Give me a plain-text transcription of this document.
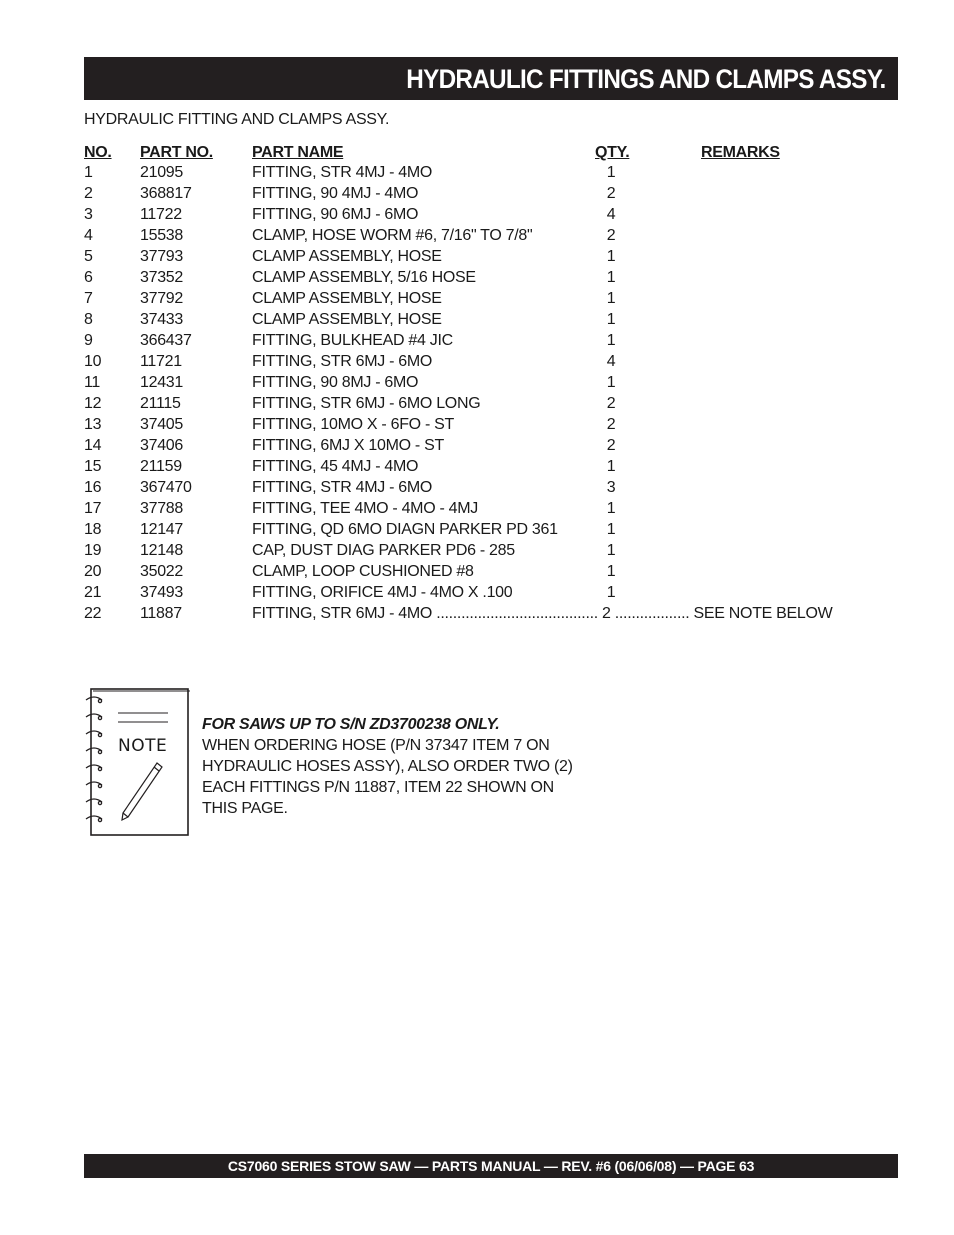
HYDRAULIC FITTINGS AND CLAMPS ASSY.
HYDRAULIC FITTING AND CLAMPS ASSY.
NO. PART NO. PART NAME	QTY.	REMARKS
1	21095	FITTING, STR 4MJ - 4MO	1
2	368817	FITTING, 90 4MJ - 4MO	2
3	11722	FITTING, 90 6MJ - 6MO	4
4	15538	CLAMP, HOSE WORM #6, 7/16" TO 7/8"	2
5	37793	CLAMP ASSEMBLY, HOSE	1
6	37352	CLAMP ASSEMBLY, 5/16 HOSE	1
7	37792	CLAMP ASSEMBLY, HOSE	1
8	37433	CLAMP ASSEMBLY, HOSE	1
9	366437	FITTING, BULKHEAD #4 JIC	1
10 11721	FITTING, STR 6MJ - 6MO	4
11 12431	FITTING, 90 8MJ - 6MO	1
12 21115	FITTING, STR 6MJ - 6MO LONG	2
13 37405	FITTING, 10MO X - 6FO - ST	2
14 37406	FITTING, 6MJ X 10MO - ST	2
15 21159	FITTING, 45 4MJ - 4MO	1
16 367470	FITTING, STR 4MJ - 6MO	3
17 37788	FITTING, TEE 4MO - 4MO - 4MJ	1
18 12147	FITTING, QD 6MO DIAGN PARKER PD 361	1
19 12148	CAP, DUST DIAG PARKER PD6 - 285	1
20 35022	CLAMP, LOOP CUSHIONED #8	1
21 37493	FITTING, ORIFICE 4MJ - 4MO X .100	1
22 11887	FITTING, STR 6MJ - 4MO ....................................... 2 .................. SEE NOTE BELOW
NOTE
FOR SAWS UP TO S/N ZD3700238 ONLY.
WHEN ORDERING HOSE (P/N 37347 ITEM 7 ON
HYDRAULIC HOSES ASSY), ALSO ORDER TWO (2)
EACH FITTINGS P/N 11887, ITEM 22 SHOWN ON
THIS PAGE.
CS7060 SERIES STOW SAW — PARTS MANUAL — REV. #6 (06/06/08) — PAGE 63
